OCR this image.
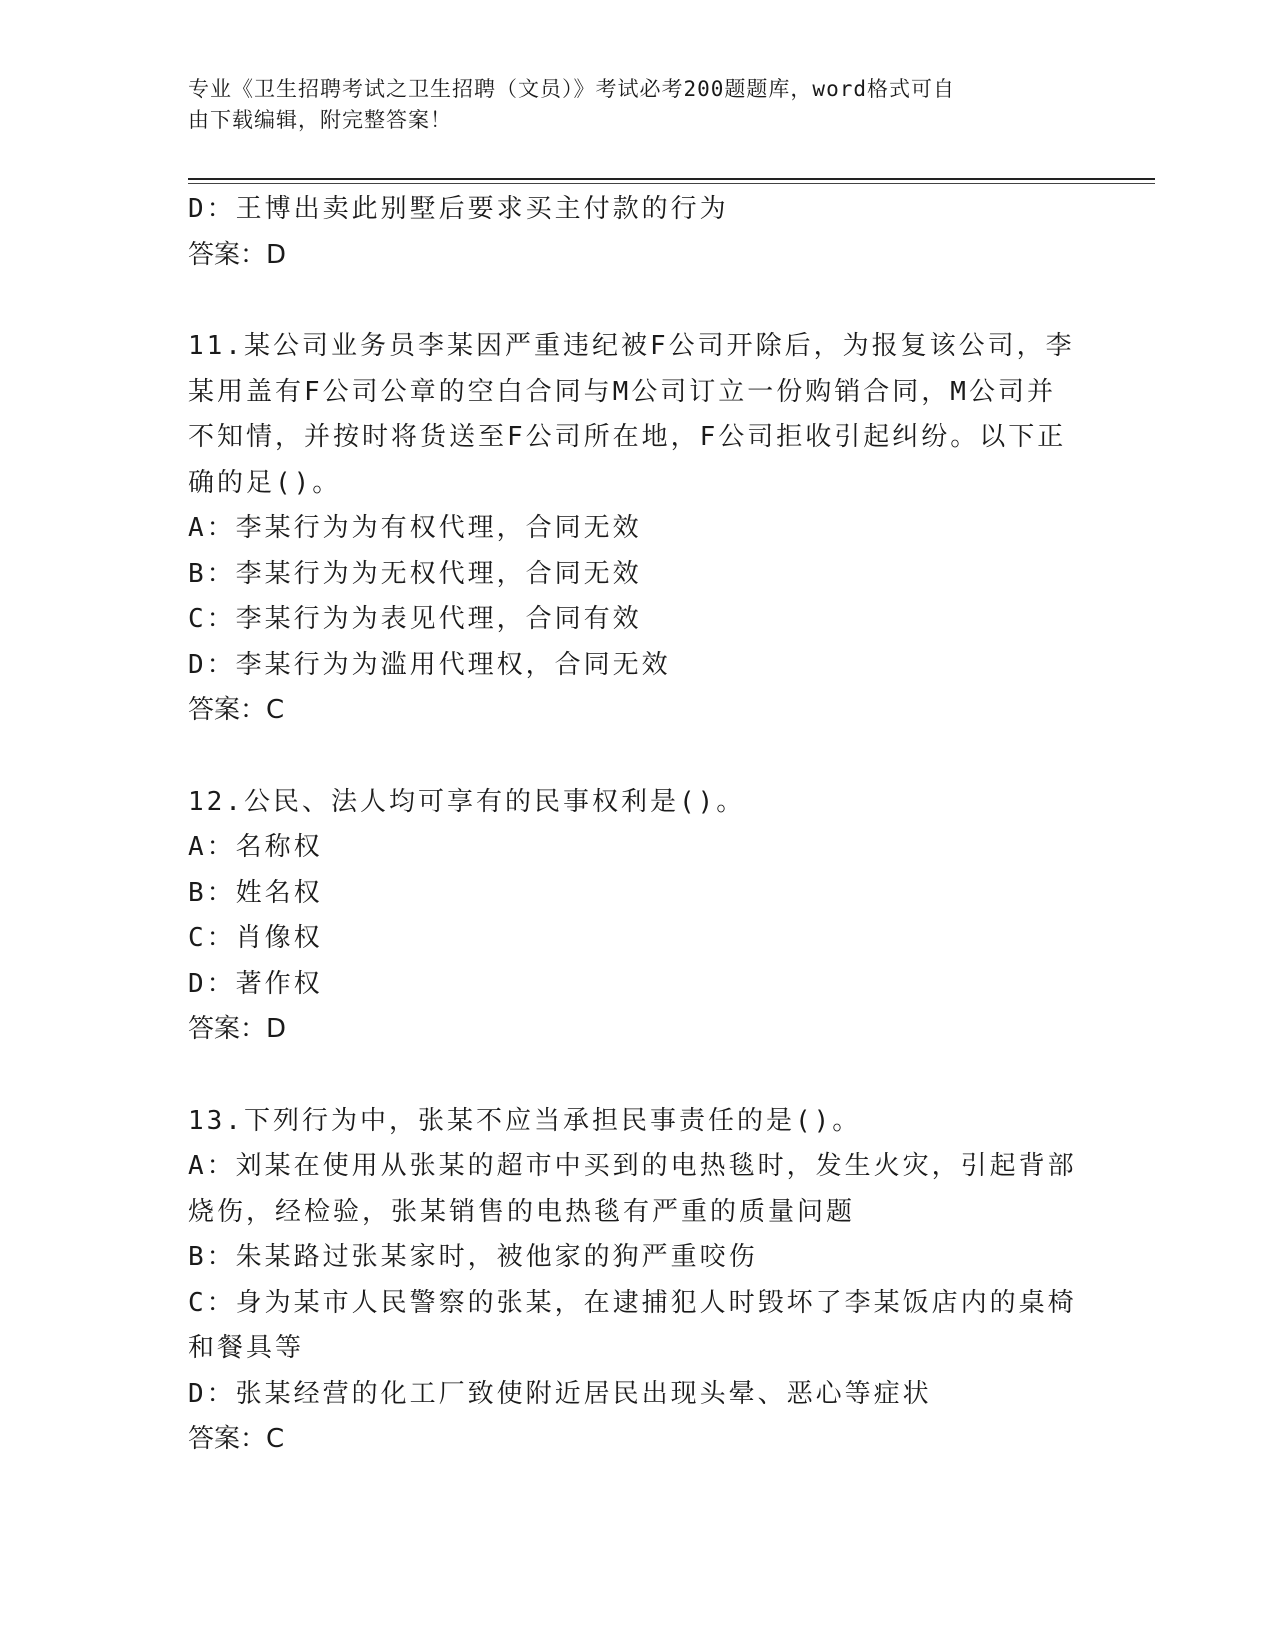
专业《卫生招聘考试之卫生招聘（文员）》考试必考200题题库，word格式可自
由下载编辑，附完整答案！

D：王博出卖此别墅后要求买主付款的行为

答案：D

11.某公司业务员李某因严重违纪被F公司开除后，为报复该公司，李

某用盖有F公司公章的空白合同与M公司订立一份购销合同，M公司并

不知情，并按时将货送至F公司所在地，F公司拒收引起纠纷。以下正

确的足()。

A：李某行为为有权代理，合同无效

B：李某行为为无权代理，合同无效

C：李某行为为表见代理，合同有效

D：李某行为为滥用代理权，合同无效

答案：C

12.公民、法人均可享有的民事权利是()。

A：名称权

B：姓名权

C：肖像权

D：著作权

答案：D

13.下列行为中，张某不应当承担民事责任的是()。

A：刘某在使用从张某的超市中买到的电热毯时，发生火灾，引起背部

烧伤，经检验，张某销售的电热毯有严重的质量问题

B：朱某路过张某家时，被他家的狗严重咬伤

C：身为某市人民警察的张某，在逮捕犯人时毁坏了李某饭店内的桌椅

和餐具等

D：张某经营的化工厂致使附近居民出现头晕、恶心等症状

答案：C
